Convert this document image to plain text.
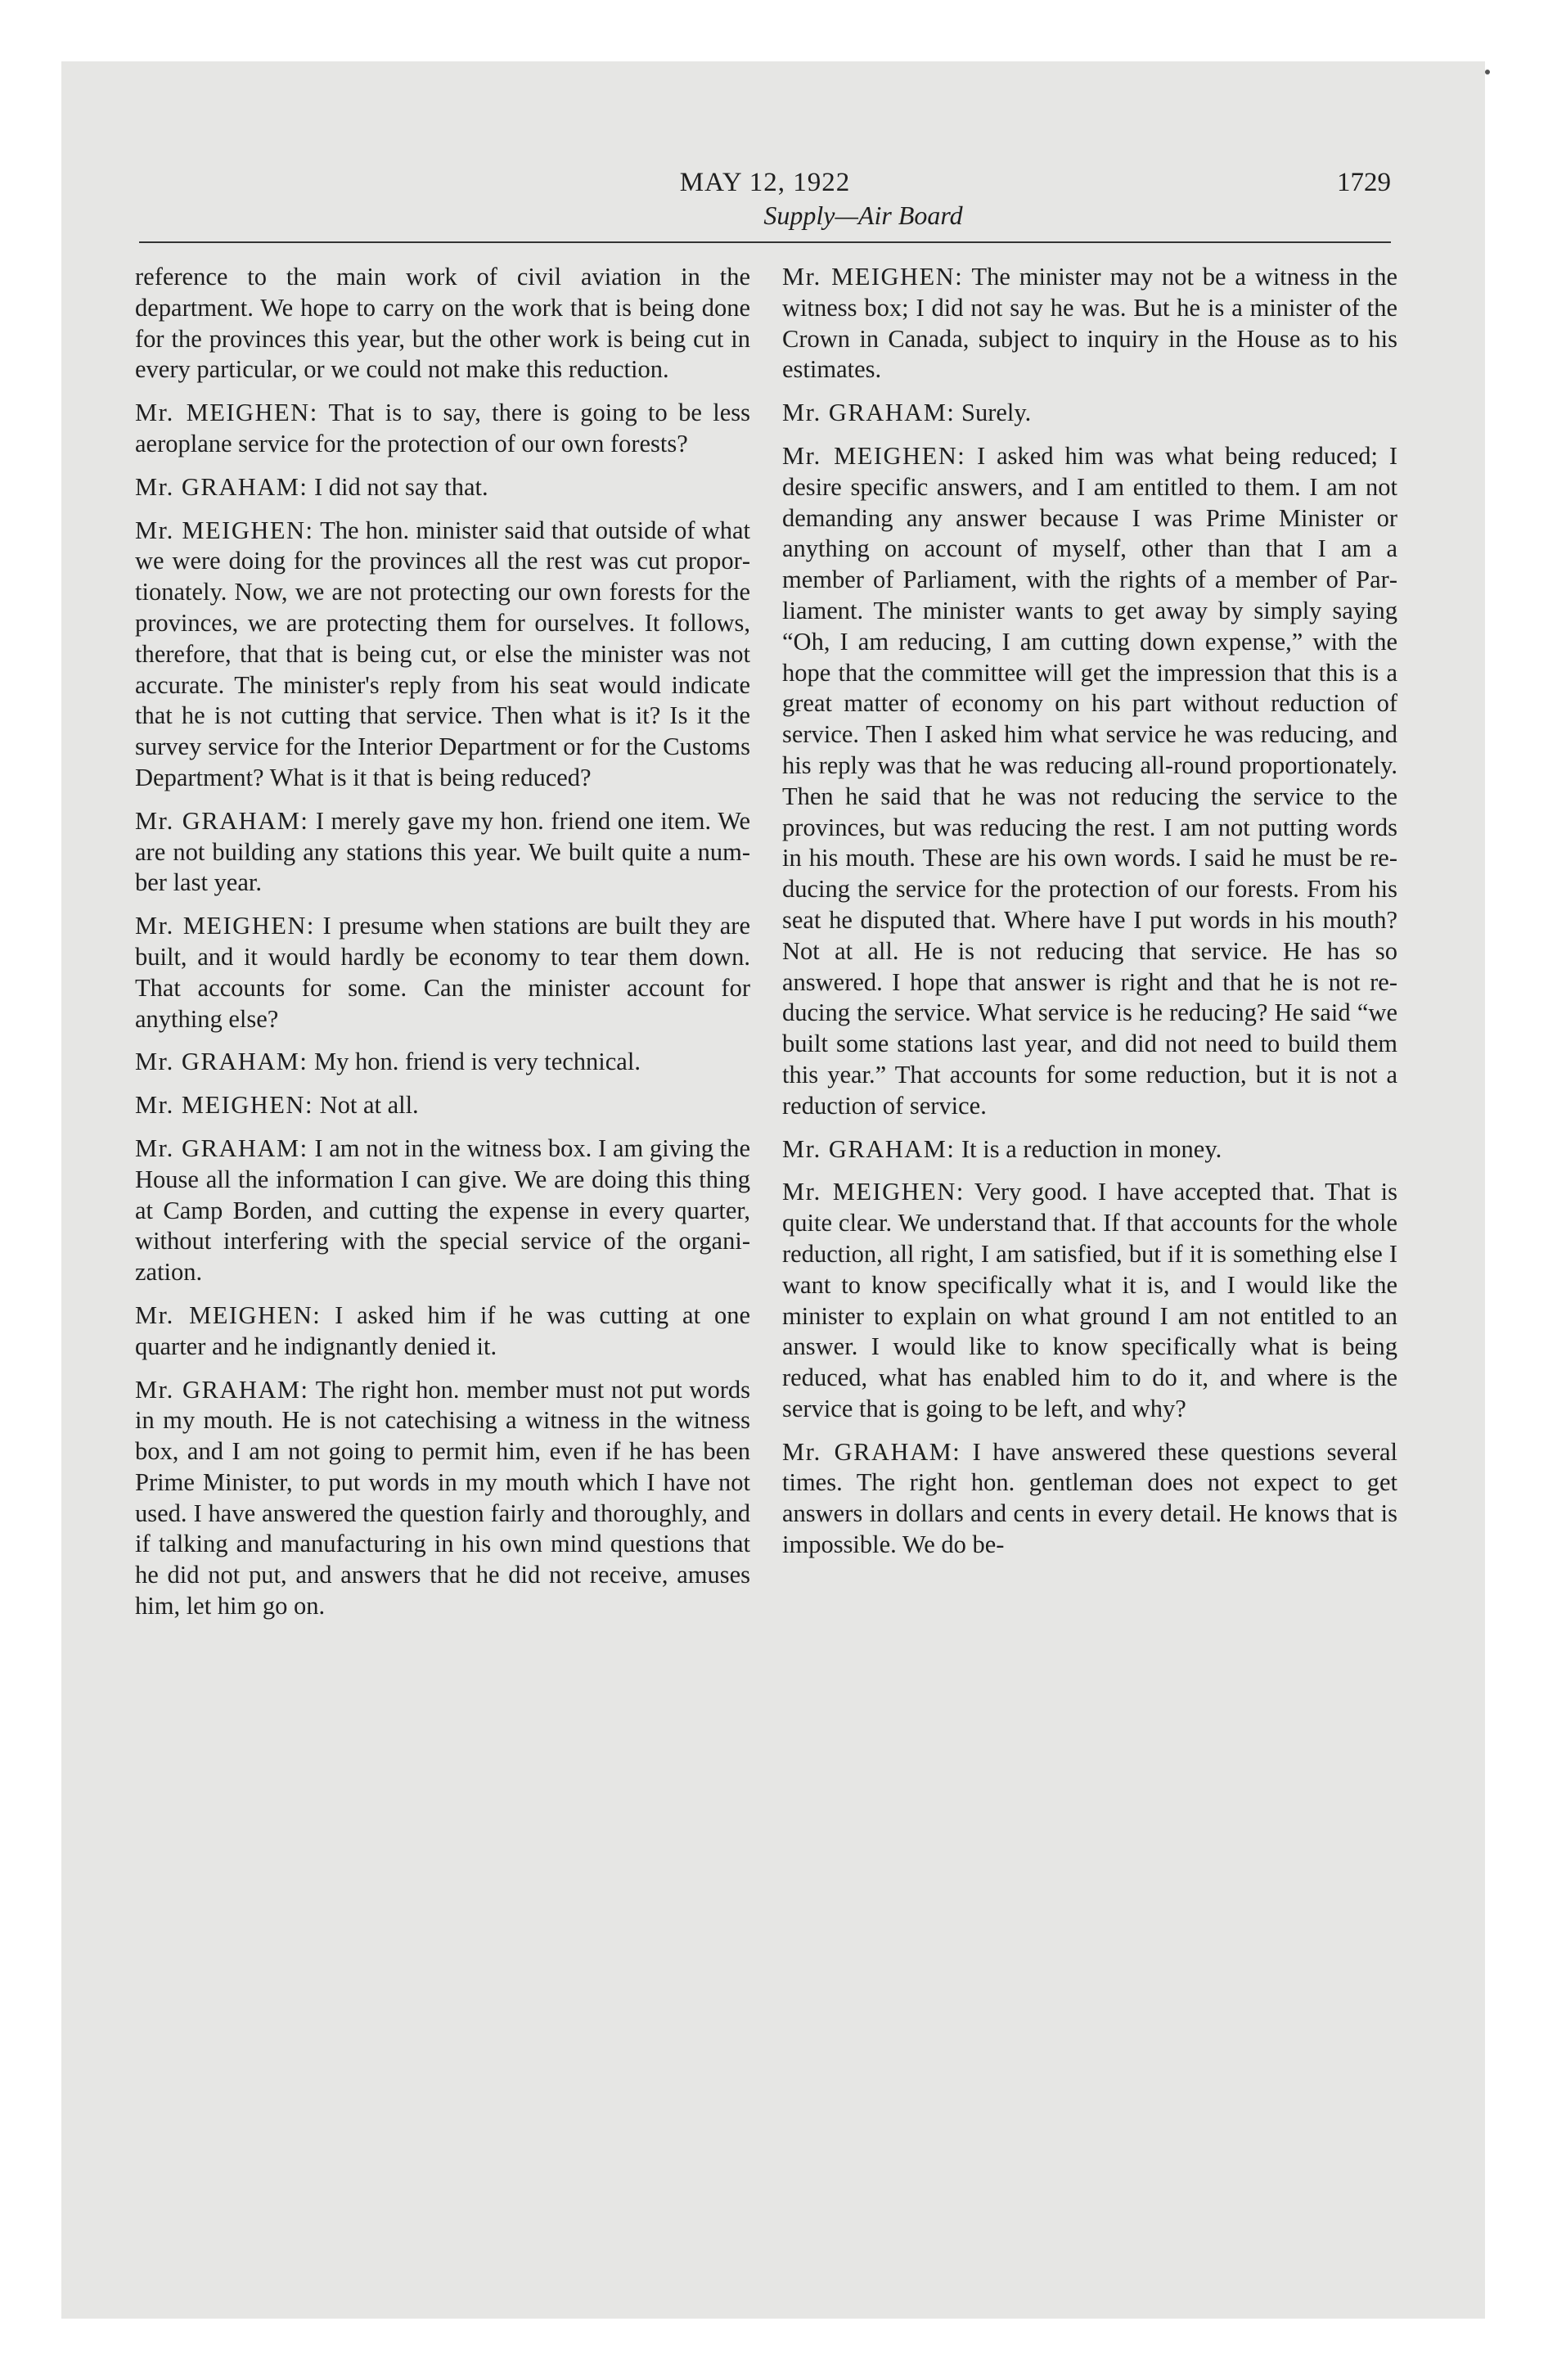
MAY 12, 1922	1729
Supply—Air Board

reference to the main work of civil aviation in the department. We hope to carry on the work that is being done for the provinces this year, but the other work is being cut in every particular, or we could not make this reduction.

Mr. MEIGHEN: That is to say, there is going to be less aeroplane service for the protection of our own forests?

Mr. GRAHAM: I did not say that.

Mr. MEIGHEN: The hon. minister said that outside of what we were doing for the provinces all the rest was cut proportionately. Now, we are not protecting our own forests for the provinces, we are protecting them for ourselves. It follows, therefore, that that is being cut, or else the minister was not accurate. The minister's reply from his seat would indicate that he is not cutting that service. Then what is it? Is it the survey service for the Interior Department or for the Customs Department? What is it that is being reduced?

Mr. GRAHAM: I merely gave my hon. friend one item. We are not building any stations this year. We built quite a number last year.

Mr. MEIGHEN: I presume when stations are built they are built, and it would hardly be economy to tear them down. That accounts for some. Can the minister account for anything else?

Mr. GRAHAM: My hon. friend is very technical.

Mr. MEIGHEN: Not at all.

Mr. GRAHAM: I am not in the witness box. I am giving the House all the information I can give. We are doing this thing at Camp Borden, and cutting the expense in every quarter, without interfering with the special service of the organization.

Mr. MEIGHEN: I asked him if he was cutting at one quarter and he indignantly denied it.

Mr. GRAHAM: The right hon. member must not put words in my mouth. He is not catechising a witness in the witness box, and I am not going to permit him, even if he has been Prime Minister, to put words in my mouth which I have not used. I have answered the question fairly and thoroughly, and if talking and manufacturing in his own mind questions that he did not put, and answers that he did not receive, amuses him, let him go on.

Mr. MEIGHEN: The minister may not be a witness in the witness box; I did not say he was. But he is a minister of the Crown in Canada, subject to inquiry in the House as to his estimates.

Mr. GRAHAM: Surely.

Mr. MEIGHEN: I asked him was what being reduced; I desire specific answers, and I am entitled to them. I am not demanding any answer because I was Prime Minister or anything on account of myself, other than that I am a member of Parliament, with the rights of a member of Parliament. The minister wants to get away by simply saying “Oh, I am reducing, I am cutting down expense,” with the hope that the committee will get the impression that this is a great matter of economy on his part without reduction of service. Then I asked him what service he was reducing, and his reply was that he was reducing all-round proportionately. Then he said that he was not reducing the service to the provinces, but was reducing the rest. I am not putting words in his mouth. These are his own words. I said he must be reducing the service for the protection of our forests. From his seat he disputed that. Where have I put words in his mouth? Not at all. He is not reducing that service. He has so answered. I hope that answer is right and that he is not reducing the service. What service is he reducing? He said “we built some stations last year, and did not need to build them this year.” That accounts for some reduction, but it is not a reduction of service.

Mr. GRAHAM: It is a reduction in money.

Mr. MEIGHEN: Very good. I have accepted that. That is quite clear. We understand that. If that accounts for the whole reduction, all right, I am satisfied, but if it is something else I want to know specifically what it is, and I would like the minister to explain on what ground I am not entitled to an answer. I would like to know specifically what is being reduced, what has enabled him to do it, and where is the service that is going to be left, and why?

Mr. GRAHAM: I have answered these questions several times. The right hon. gentleman does not expect to get answers in dollars and cents in every detail. He knows that is impossible. We do be-
